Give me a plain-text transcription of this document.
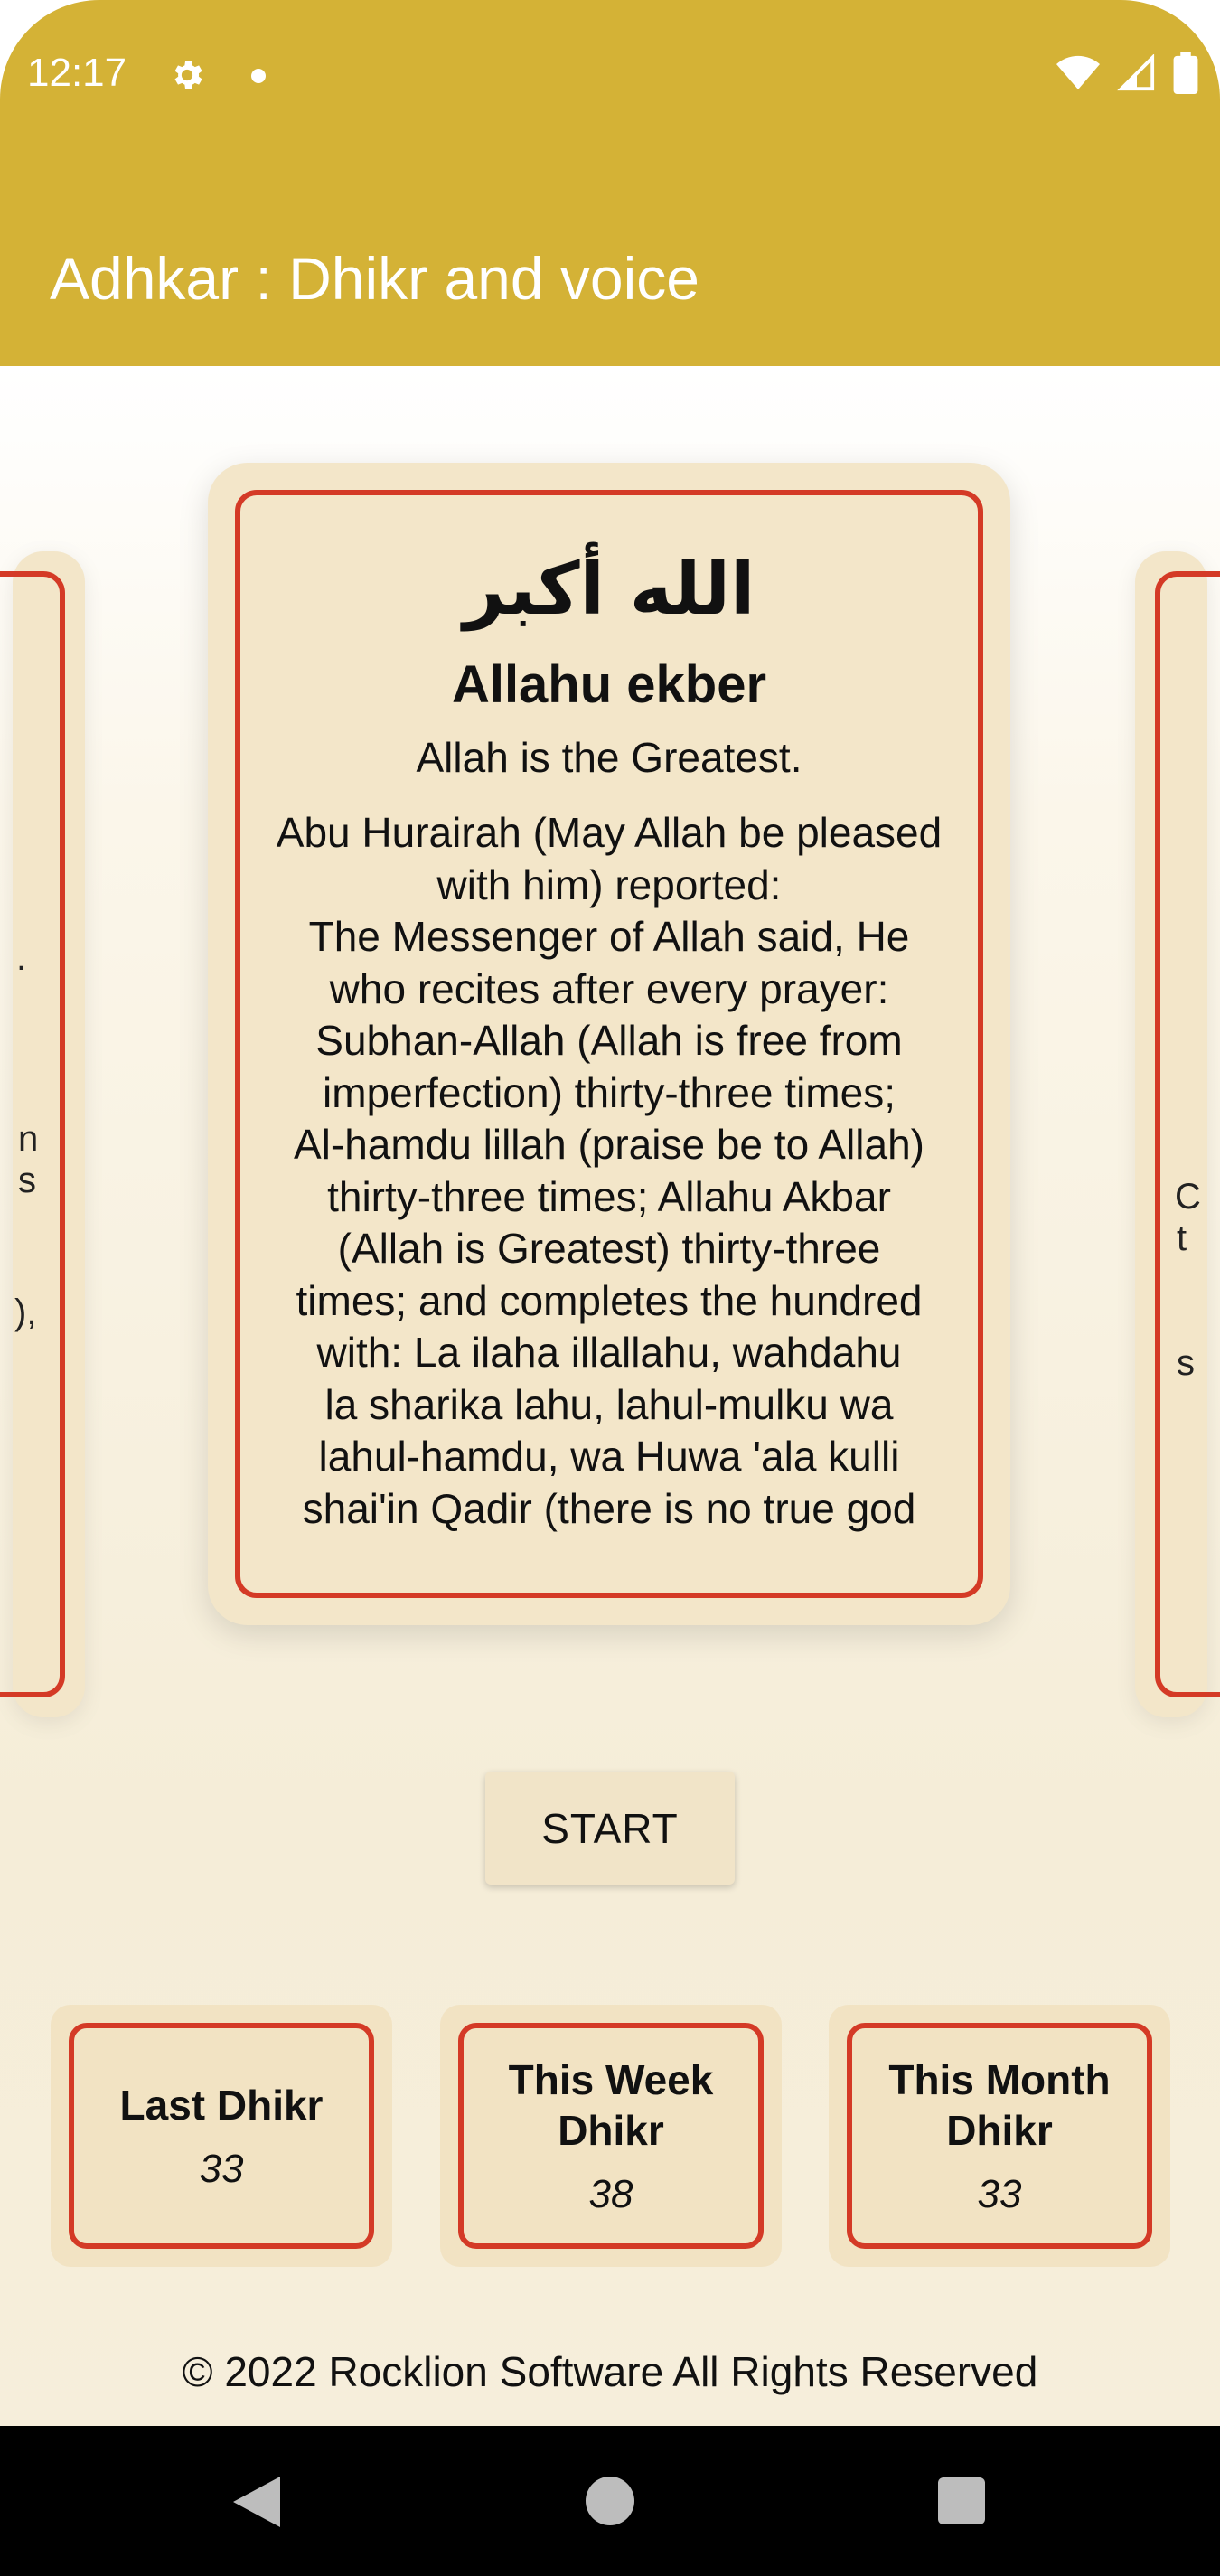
12:17
Adhkar : Dhikr and voice
.
n
s
),
الله أكبر
Allahu ekber
Allah is the Greatest.
Abu Hurairah (May Allah be pleased
with him) reported:
The Messenger of Allah said, He
who recites after every prayer:
Subhan-Allah (Allah is free from
imperfection) thirty-three times;
Al-hamdu lillah (praise be to Allah)
thirty-three times; Allahu Akbar
(Allah is Greatest) thirty-three
times; and completes the hundred
with: La ilaha illallahu, wahdahu
la sharika lahu, lahul-mulku wa
lahul-hamdu, wa Huwa 'ala kulli
shai'in Qadir (there is no true god
C
t
s
START
Last Dhikr
33
This Week Dhikr
38
This Month Dhikr
33
© 2022 Rocklion Software All Rights Reserved
